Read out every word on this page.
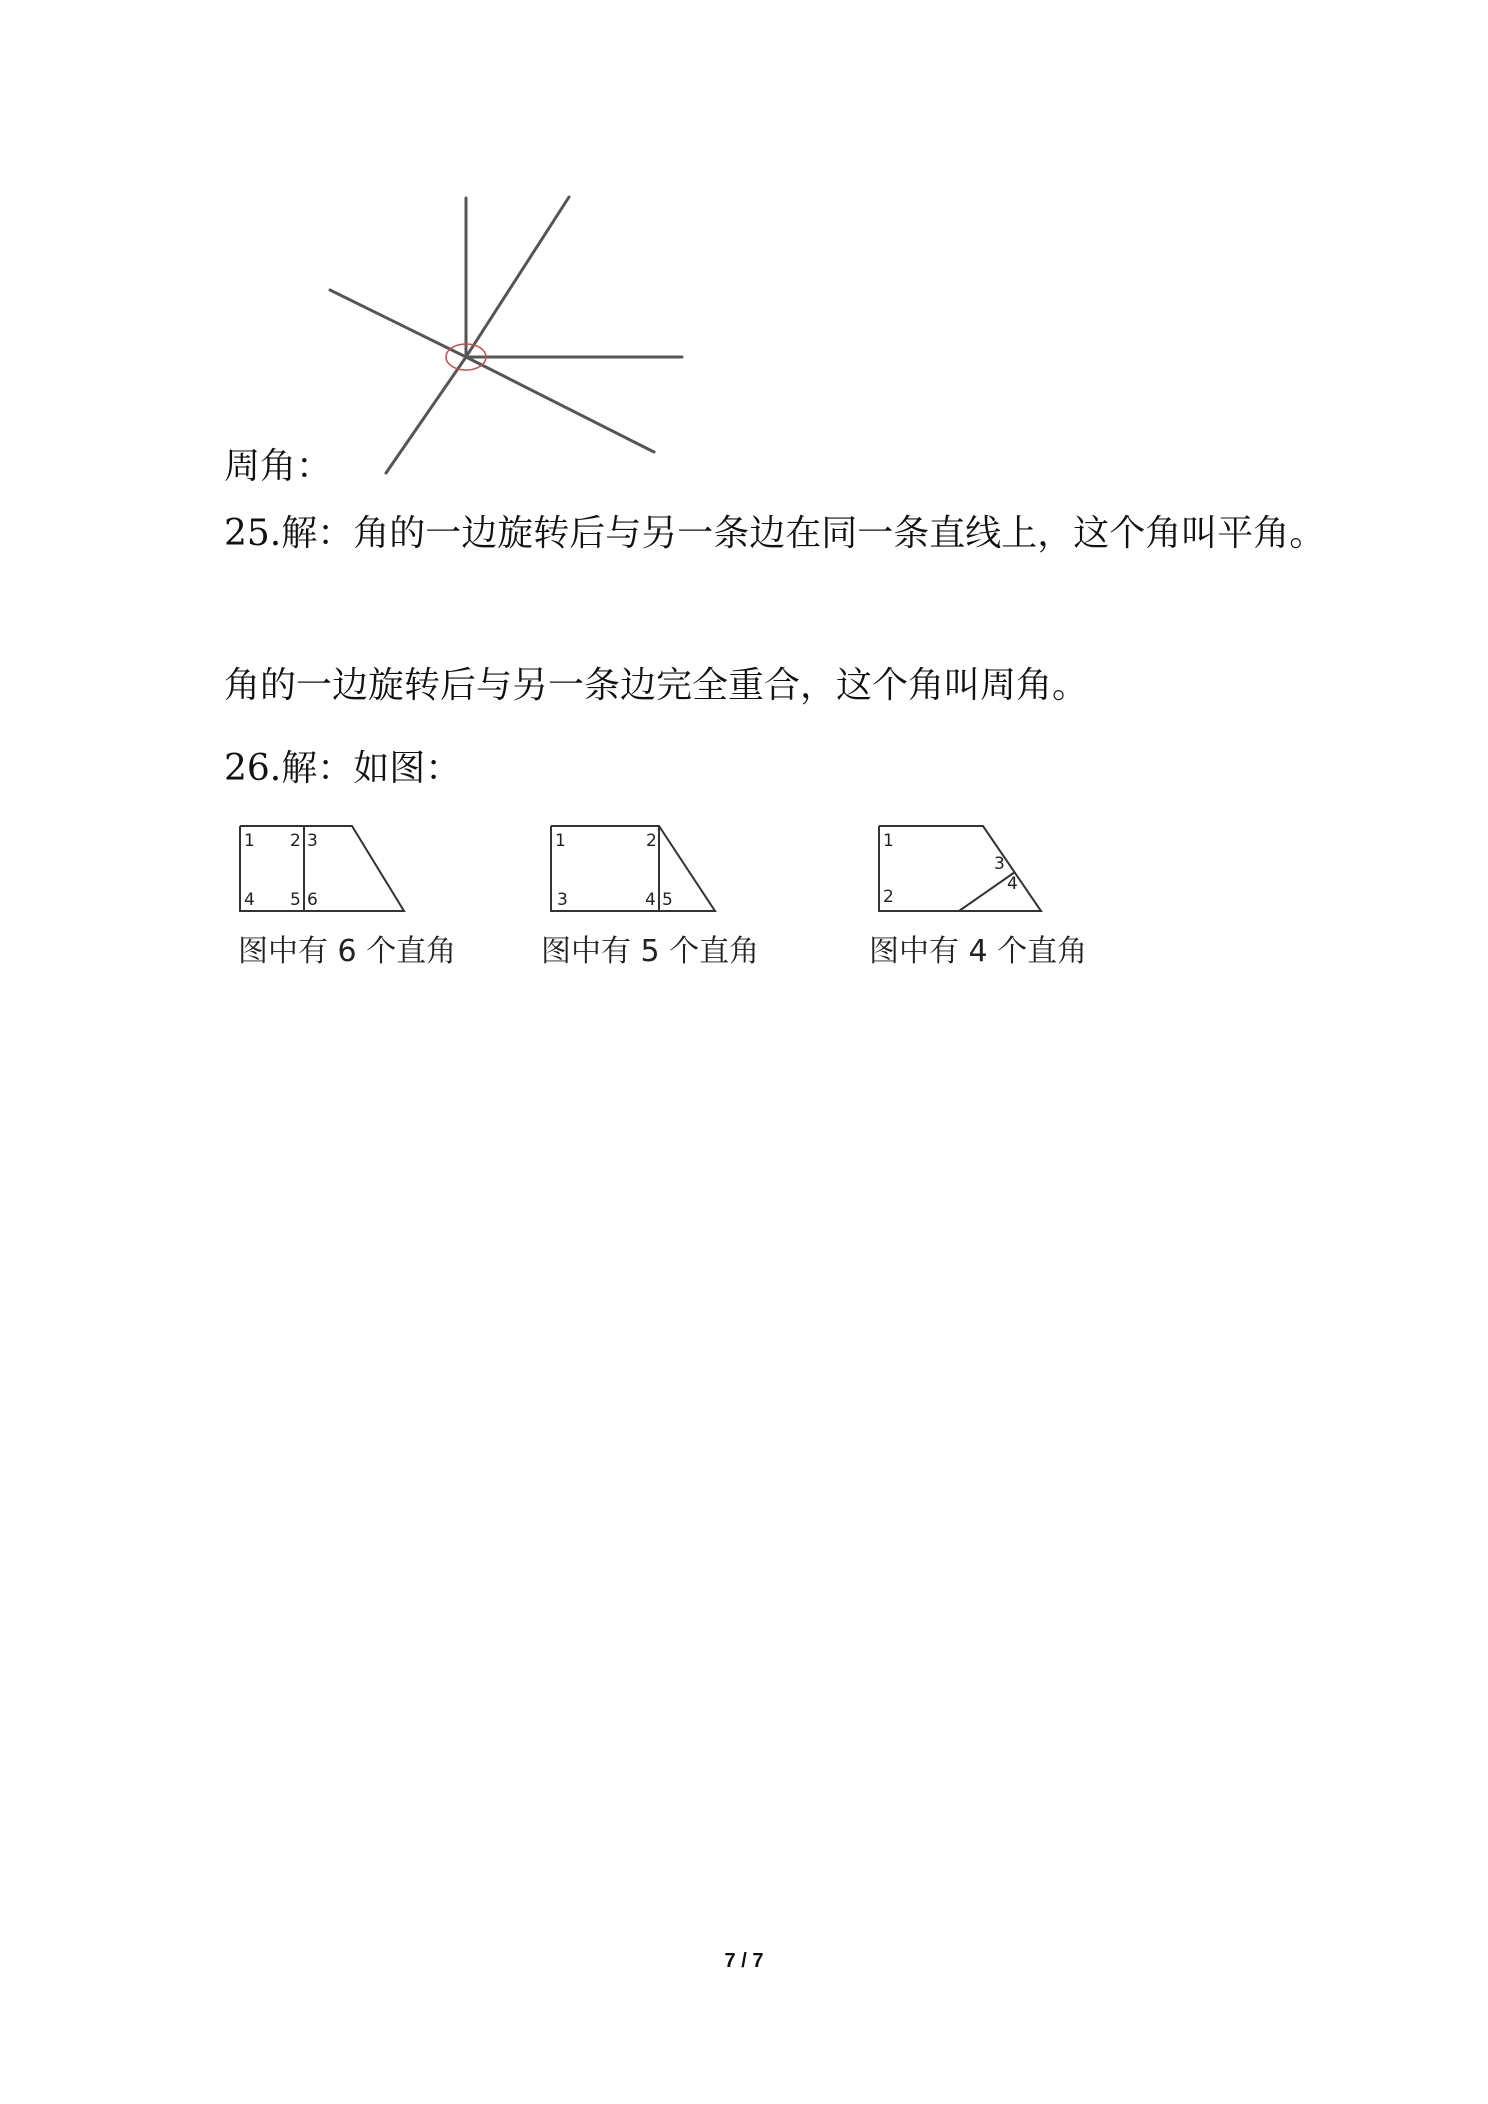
周角：
25.解：角的一边旋转后与另一条边在同一条直线上，这个角叫平角。
角的一边旋转后与另一条边完全重合，这个角叫周角。
26.解：如图：
1 2 3
4 5 6
图中有 6 个直角
1	2
3	4 5
图中有 5 个直角
1
2
3
4
图中有 4 个直角
7 / 7
